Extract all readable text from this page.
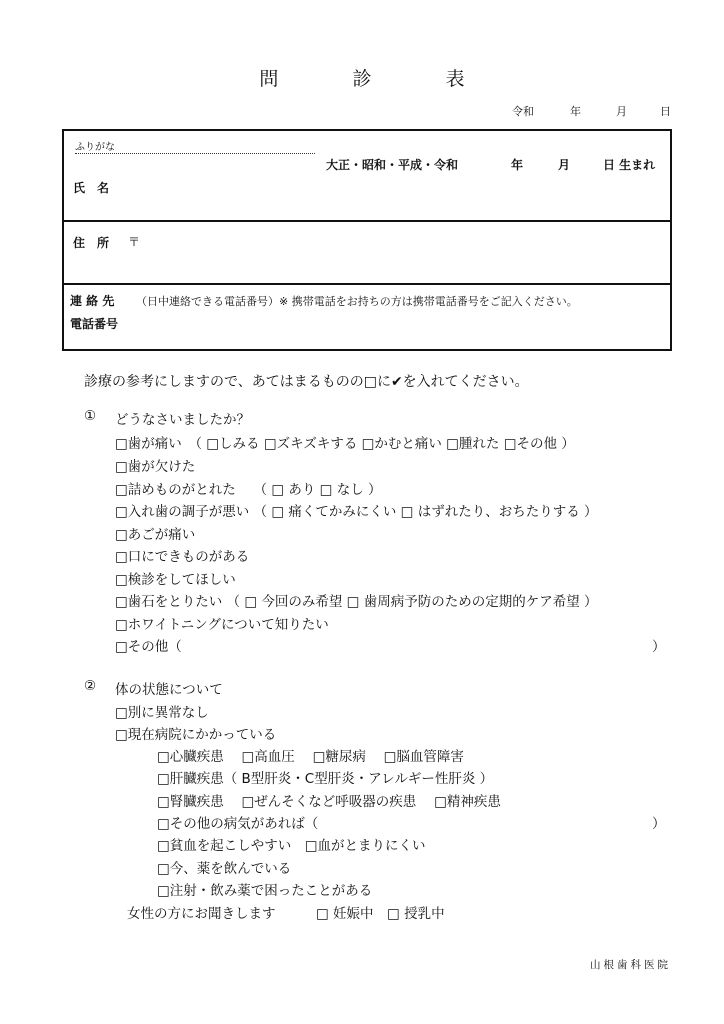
問	診	表
令和	年	月	日
ふりがな
大正・昭和・平成・令和	年	月	日 生まれ
氏　名
住　所 〒
連 絡 先 （日中連絡できる電話番号）※ 携帯電話をお持ちの方は携帯電話番号をご記入ください。
電話番号
診療の参考にしますので、あてはまるものの□に✔を入れてください。
① どうなさいましたか？
□歯が痛い　（ □しみる □ズキズキする □かむと痛い □腫れた □その他 ）
□歯が欠けた
□詰めものがとれた　 （ □ あり □ なし ）
□入れ歯の調子が悪い （ □ 痛くてかみにくい □ はずれたり、おちたりする ）
□あごが痛い
□口にできものがある
□検診をしてほしい
□歯石をとりたい （ □ 今回のみ希望 □ 歯周病予防のための定期的ケア希望 ）
□ホワイトニングについて知りたい
□その他（	）
② 体の状態について
□別に異常なし
□現在病院にかかっている
□心臓疾患　 □高血圧　 □糖尿病　 □脳血管障害
□肝臓疾患（ B型肝炎・C型肝炎・アレルギー性肝炎 ）
□腎臓疾患　 □ぜんそくなど呼吸器の疾患　 □精神疾患
□その他の病気があれば（	）
□貧血を起こしやすい　□血がとまりにくい
□今、薬を飲んでいる
□注射・飲み薬で困ったことがある
女性の方にお聞きします	□ 妊娠中　□ 授乳中
山根歯科医院
